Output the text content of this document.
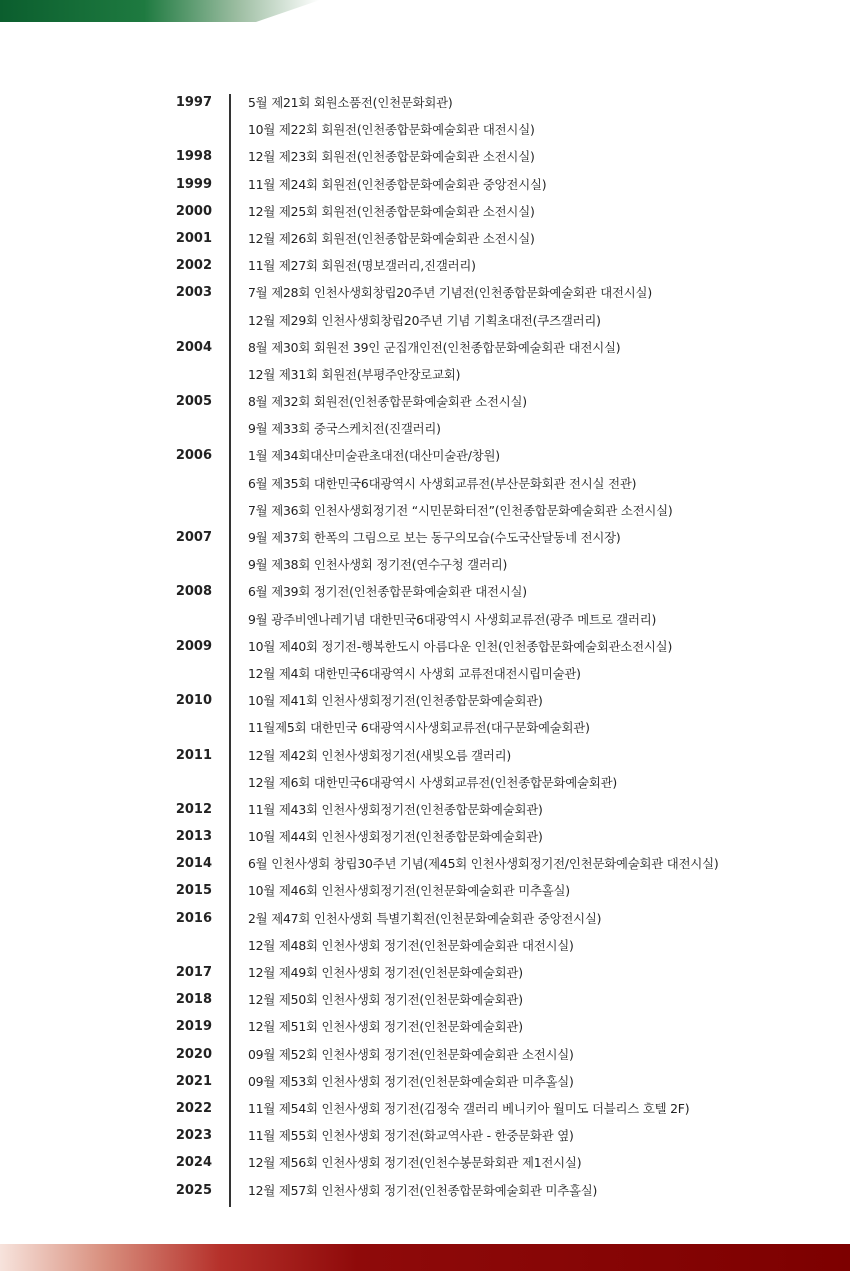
1997	5월 제21회 회원소품전(인천문화회관)
10월 제22회 회원전(인천종합문화예술회관 대전시실)
1998	12월 제23회 회원전(인천종합문화예술회관 소전시실)
1999	11월 제24회 회원전(인천종합문화예술회관 중앙전시실)
2000	12월 제25회 회원전(인천종합문화예술회관 소전시실)
2001	12월 제26회 회원전(인천종합문화예술회관 소전시실)
2002	11월 제27회 회원전(명보갤러리,진갤러리)
2003	7월 제28회 인천사생회창립20주년 기념전(인천종합문화예술회관 대전시실)
12월 제29회 인천사생회창립20주년 기념 기획초대전(쿠즈갤러리)
2004	8월 제30회 회원전 39인 군집개인전(인천종합문화예술회관 대전시실)
12월 제31회 회원전(부평주안장로교회)
2005	8월 제32회 회원전(인천종합문화예술회관 소전시실)
9월 제33회 중국스케치전(진갤러리)
2006	1월 제34회대산미술관초대전(대산미술관/창원)
6월 제35회 대한민국6대광역시 사생회교류전(부산문화회관 전시실 전관)
7월 제36회 인천사생회정기전 “시민문화터전”(인천종합문화예술회관 소전시실)
2007	9월 제37회 한폭의 그림으로 보는 동구의모습(수도국산달동네 전시장)
9월 제38회 인천사생회 정기전(연수구청 갤러리)
2008	6월 제39회 정기전(인천종합문화예술회관 대전시실)
9월 광주비엔나레기념 대한민국6대광역시 사생회교류전(광주 메트로 갤러리)
2009	10월 제40회 정기전-행복한도시 아름다운 인천(인천종합문화예술회관소전시실)
12월 제4회 대한민국6대광역시 사생회 교류전대전시립미술관)
2010	10월 제41회 인천사생회정기전(인천종합문화예술회관)
11월제5회 대한민국 6대광역시사생회교류전(대구문화예술회관)
2011	12월 제42회 인천사생회정기전(새빛오름 갤러리)
12월 제6회 대한민국6대광역시 사생회교류전(인천종합문화예술회관)
2012	11월 제43회 인천사생회정기전(인천종합문화예술회관)
2013	10월 제44회 인천사생회정기전(인천종합문화예술회관)
2014	6월 인천사생회 창립30주년 기념(제45회 인천사생회정기전/인천문화예술회관 대전시실)
2015	10월 제46회 인천사생회정기전(인천문화예술회관 미추홀실)
2016	2월 제47회 인천사생회 특별기획전(인천문화예술회관 중앙전시실)
12월 제48회 인천사생회 정기전(인천문화예술회관 대전시실)
2017	12월 제49회 인천사생회 정기전(인천문화예술회관)
2018	12월 제50회 인천사생회 정기전(인천문화예술회관)
2019	12월 제51회 인천사생회 정기전(인천문화예술회관)
2020	09월 제52회 인천사생회 정기전(인천문화예술회관 소전시실)
2021	09월 제53회 인천사생회 정기전(인천문화예술회관 미추홀실)
2022	11월 제54회 인천사생회 정기전(김정숙 갤러리 베니키아 월미도 더블리스 호텔 2F)
2023	11월 제55회 인천사생회 정기전(화교역사관 - 한중문화관 옆)
2024	12월 제56회 인천사생회 정기전(인천수봉문화회관 제1전시실)
2025	12월 제57회 인천사생회 정기전(인천종합문화예술회관 미추홀실)
